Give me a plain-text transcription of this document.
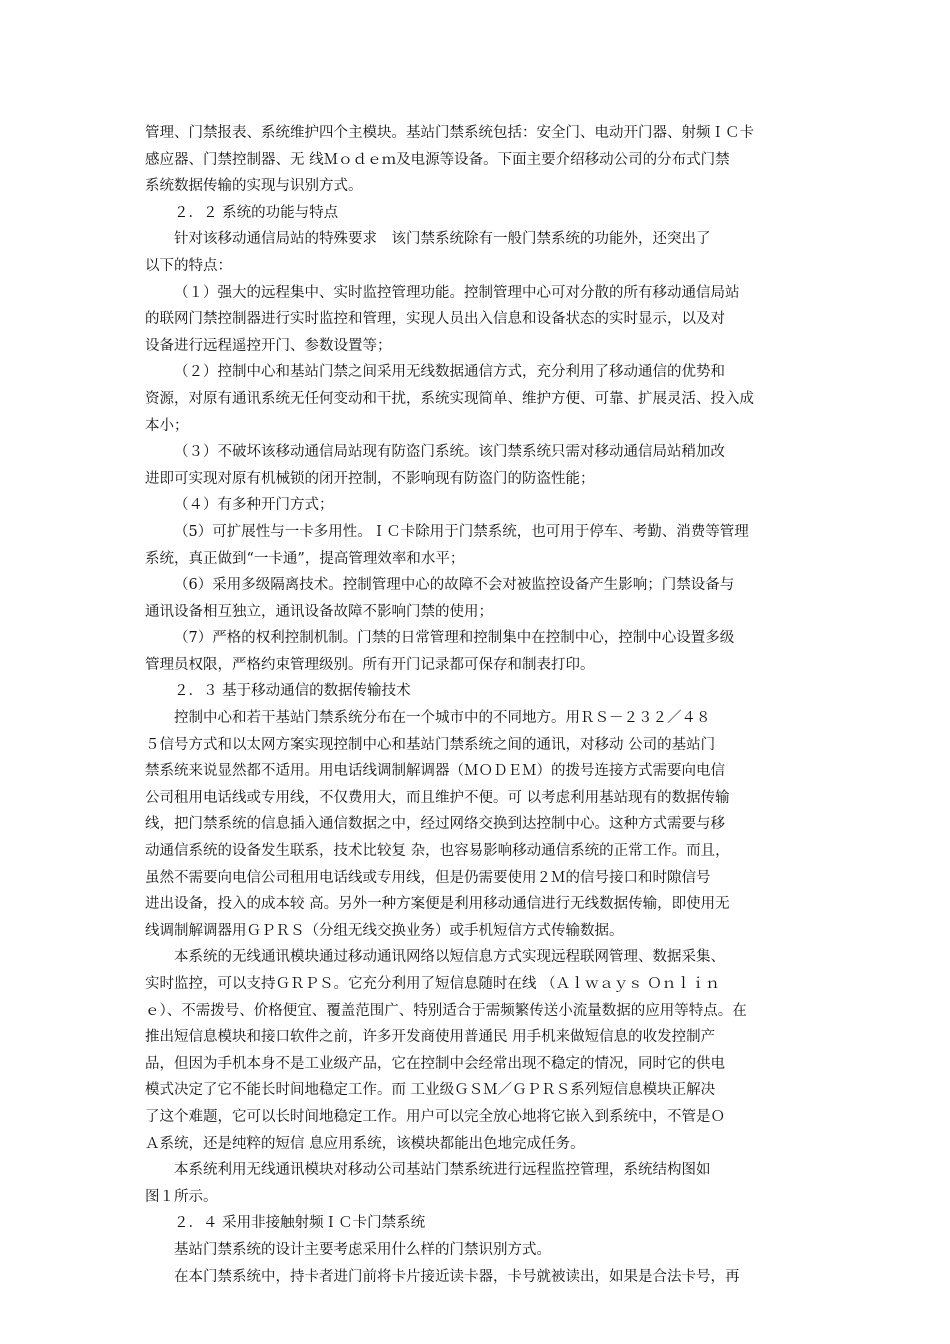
管理、门禁报表、系统维护四个主模块。基站门禁系统包括：安全门、电动开门器、射频ＩＣ卡
感应器、门禁控制器、无 线Ｍｏｄｅｍ及电源等设备。下面主要介绍移动公司的分布式门禁
系统数据传输的实现与识别方式。
２．２ 系统的功能与特点
针对该移动通信局站的特殊要求　该门禁系统除有一般门禁系统的功能外，还突出了
以下的特点：
（１）强大的远程集中、实时监控管理功能。控制管理中心可对分散的所有移动通信局站
的联网门禁控制器进行实时监控和管理，实现人员出入信息和设备状态的实时显示，以及对
设备进行远程遥控开门、参数设置等；
（２）控制中心和基站门禁之间采用无线数据通信方式，充分利用了移动通信的优势和
资源，对原有通讯系统无任何变动和干扰，系统实现简单、维护方便、可靠、扩展灵活、投入成
本小；
（３）不破坏该移动通信局站现有防盗门系统。该门禁系统只需对移动通信局站稍加改
进即可实现对原有机械锁的闭开控制，不影响现有防盗门的防盗性能；
（４）有多种开门方式；
（5）可扩展性与一卡多用性。ＩＣ卡除用于门禁系统，也可用于停车、考勤、消费等管理
系统，真正做到“一卡通”，提高管理效率和水平；
（6）采用多级隔离技术。控制管理中心的故障不会对被监控设备产生影响；门禁设备与
通讯设备相互独立，通讯设备故障不影响门禁的使用；
（7）严格的权利控制机制。门禁的日常管理和控制集中在控制中心，控制中心设置多级
管理员权限，严格约束管理级别。所有开门记录都可保存和制表打印。
２．３ 基于移动通信的数据传输技术
控制中心和若干基站门禁系统分布在一个城市中的不同地方。用ＲＳ－２３２／４８
５信号方式和以太网方案实现控制中心和基站门禁系统之间的通讯，对移动 公司的基站门
禁系统来说显然都不适用。用电话线调制解调器（ＭＯＤＥＭ）的拨号连接方式需要向电信
公司租用电话线或专用线，不仅费用大，而且维护不便。可 以考虑利用基站现有的数据传输
线，把门禁系统的信息插入通信数据之中，经过网络交换到达控制中心。这种方式需要与移
动通信系统的设备发生联系，技术比较复 杂，也容易影响移动通信系统的正常工作。而且，
虽然不需要向电信公司租用电话线或专用线，但是仍需要使用２Ｍ的信号接口和时隙信号
进出设备，投入的成本较 高。另外一种方案便是利用移动通信进行无线数据传输，即使用无
线调制解调器用ＧＰＲＳ（分组无线交换业务）或手机短信方式传输数据。
本系统的无线通讯模块通过移动通讯网络以短信息方式实现远程联网管理、数据采集、
实时监控，可以支持ＧＲＰＳ。它充分利用了短信息随时在线 （Ａｌｗａｙｓ Ｏｎｌｉｎ
ｅ）、不需拨号、价格便宜、覆盖范围广、特别适合于需频繁传送小流量数据的应用等特点。在
推出短信息模块和接口软件之前，许多开发商使用普通民 用手机来做短信息的收发控制产
品，但因为手机本身不是工业级产品，它在控制中会经常出现不稳定的情况，同时它的供电
模式决定了它不能长时间地稳定工作。而 工业级ＧＳＭ／ＧＰＲＳ系列短信息模块正解决
了这个难题，它可以长时间地稳定工作。用户可以完全放心地将它嵌入到系统中，不管是Ｏ
Ａ系统，还是纯粹的短信 息应用系统，该模块都能出色地完成任务。
本系统利用无线通讯模块对移动公司基站门禁系统进行远程监控管理，系统结构图如
图１所示。
２．４ 采用非接触射频ＩＣ卡门禁系统
基站门禁系统的设计主要考虑采用什么样的门禁识别方式。
在本门禁系统中，持卡者进门前将卡片接近读卡器，卡号就被读出，如果是合法卡号，再
